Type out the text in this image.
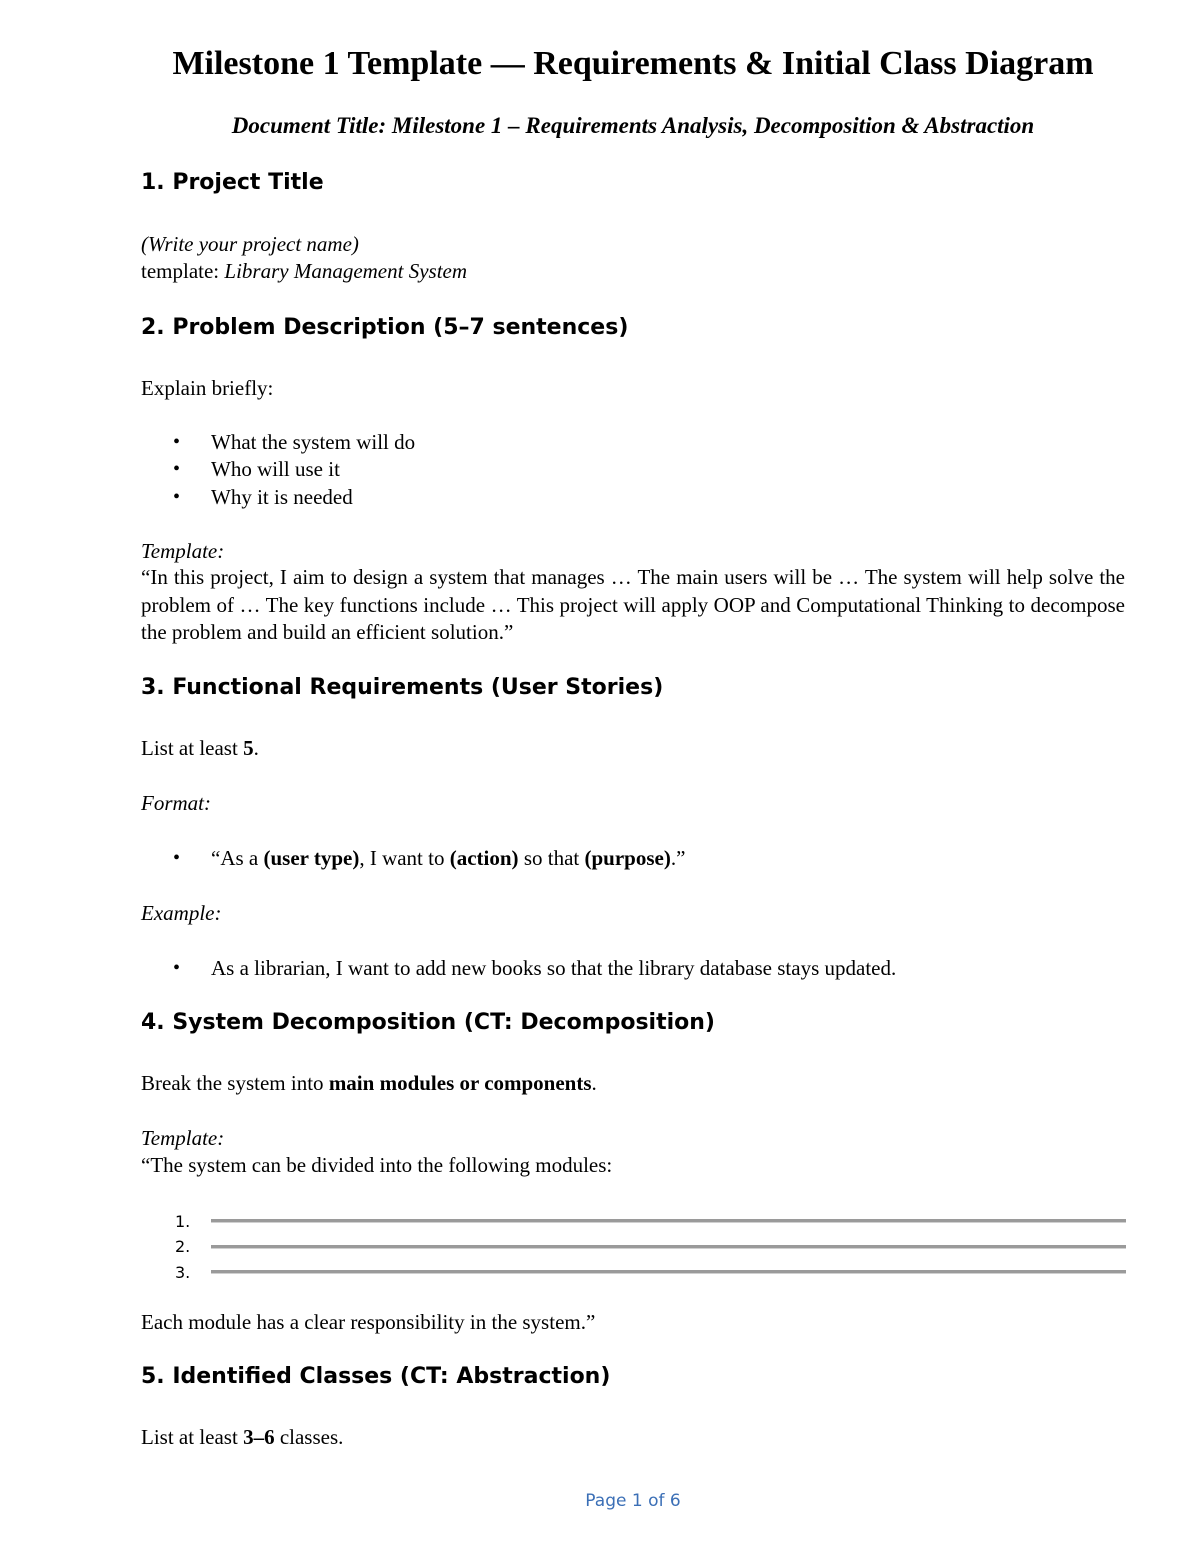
Milestone 1 Template — Requirements & Initial Class Diagram
Document Title: Milestone 1 – Requirements Analysis, Decomposition & Abstraction
1. Project Title
(Write your project name)
template: Library Management System
2. Problem Description (5–7 sentences)
Explain briefly:
• What the system will do
• Who will use it
• Why it is needed
Template:
“In this project, I aim to design a system that manages … The main users will be … The system will help solve the problem of … The key functions include … This project will apply OOP and Computational Thinking to decompose the problem and build an efficient solution.”
3. Functional Requirements (User Stories)
List at least 5.
Format:
• “As a (user type), I want to (action) so that (purpose).”
Example:
• As a librarian, I want to add new books so that the library database stays updated.
4. System Decomposition (CT: Decomposition)
Break the system into main modules or components.
Template:
“The system can be divided into the following modules:
1.
2.
3.
Each module has a clear responsibility in the system.”
5. Identified Classes (CT: Abstraction)
List at least 3–6 classes.
Page 1 of 6
